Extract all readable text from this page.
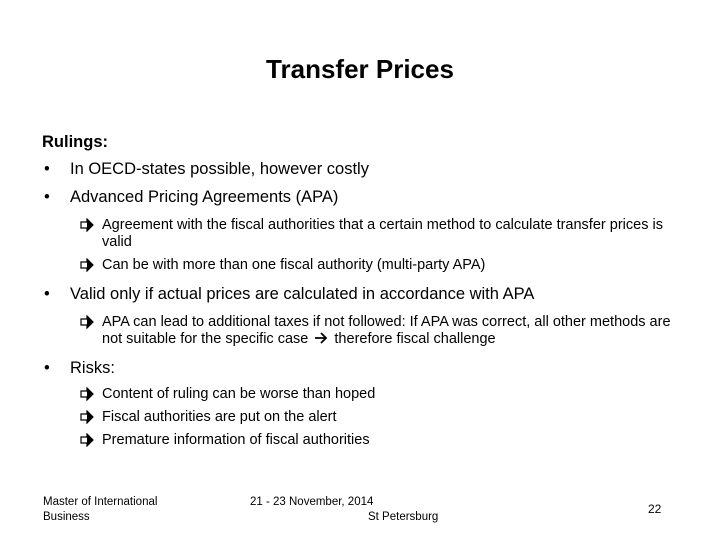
Transfer Prices
Rulings:
• In OECD-states possible, however costly
• Advanced Pricing Agreements (APA)
Agreement with the fiscal authorities that a certain method to calculate transfer prices is valid
Can be with more than one fiscal authority (multi-party APA)
• Valid only if actual prices are calculated in accordance with APA
APA can lead to additional taxes if not followed: If APA was correct, all other methods are not suitable for the specific case therefore fiscal challenge
• Risks:
Content of ruling can be worse than hoped
Fiscal authorities are put on the alert
Premature information of fiscal authorities
Master of International Business
21 - 23 November, 2014
St Petersburg
22
